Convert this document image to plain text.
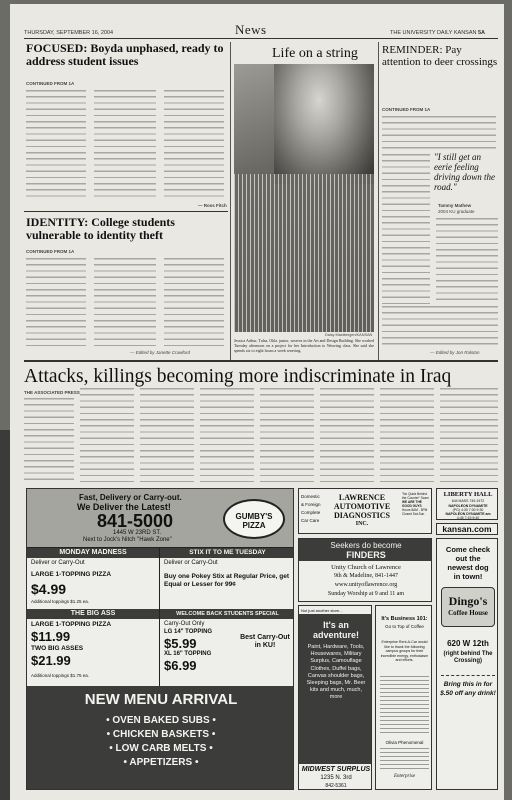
THURSDAY, SEPTEMBER 16, 2004	News	THE UNIVERSITY DAILY KANSAN 5A
FOCUSED: Boyda unphased, ready to address student issues
CONTINUED FROM 1A
— Ross Fitch
IDENTITY: College students vulnerable to identity theft
CONTINUED FROM 1A
— Edited by Janette Crawford
Life on a string
Daisy Mastbergen/KANSAN
Jessica Arthur, Tulsa, Okla. junior, weaves in the Art and Design Building. She worked Tuesday afternoon on a project for her Introduction to Weaving class. She said she spends six to eight hours a week weaving.
REMINDER: Pay attention to deer crossings
CONTINUED FROM 1A
"I still get an eerie feeling driving down the road."
Tammy Mathew
2004 KU graduate
— Edited by Jon Ralston
Attacks, killings becoming more indiscriminate in Iraq
THE ASSOCIATED PRESS
Fast, Delivery or Carry-out.
We Deliver the Latest!
841-5000
1445 W 23RD ST.
Next to Jock's Nitch "Hawk Zone"
GUMBY'S PIZZA
MONDAY MADNESS
Deliver or Carry-Out
LARGE 1-TOPPING PIZZA
$4.99
Additional toppings $1.25 ea.
STIX IT TO ME TUESDAY
Deliver or Carry-Out
Buy one Pokey Stix at Regular Price, get Equal or Lesser for 99¢
THE BIG ASS
LARGE 1-TOPPING PIZZA
$11.99
TWO BIG ASSES
$21.99
Additional toppings $1.75 ea.
WELCOME BACK STUDENTS SPECIAL
Carry-Out Only
LG 14" TOPPING
$5.99
XL 16" TOPPING
$6.99
Best Carry-Out in KU!
NEW MENU ARRIVAL
• OVEN BAKED SUBS •
• CHICKEN BASKETS •
• LOW CARB MELTS •
• APPETIZERS •
Domestic
& Foreign
Complete
Car Care
LAWRENCE
AUTOMOTIVE
DIAGNOSTICS
INC.
"No Quick Behind the Counter" Scam
WE ARE THE GOOD GUYS
Hours 8AM - 5PM
Closed Sat-Sun
LIBERTY HALL
644 MASS 749-1972
NAPOLEON DYNAMITE
(PG) 4:30 7:00 9:30
NAPOLEON DYNAMITE am
4:45 7:15 9:40
kansan.com
Seekers do become
FINDERS
Unity Church of Lawrence
9th & Madeline, 841-1447
www.unityoflawrence.org
Sunday Worship at 9 and 11 am
Come check
out the
newest dog
in town!
Dingo's
Coffee House
620 W 12th
(right behind The Crossing)
Bring this in for
$.50 off any drink!
Not just another store...
It's an
adventure!
Paint, Hardware, Tools, Housewares, Military Surplus, Camouflage Clothes, Duffel bags, Canvas shoulder bags, Sleeping bags, Mr. Beer kits and much, much, more
MIDWEST SURPLUS
1235 N. 3rd
842-5361
It's Business 101:
Go to Top of Coffee
Enterprise Rent-A-Car would like to thank the following campus groups for their incredible energy, enthusiasm and efforts.
Olivia Phenomenal
Enterprise
